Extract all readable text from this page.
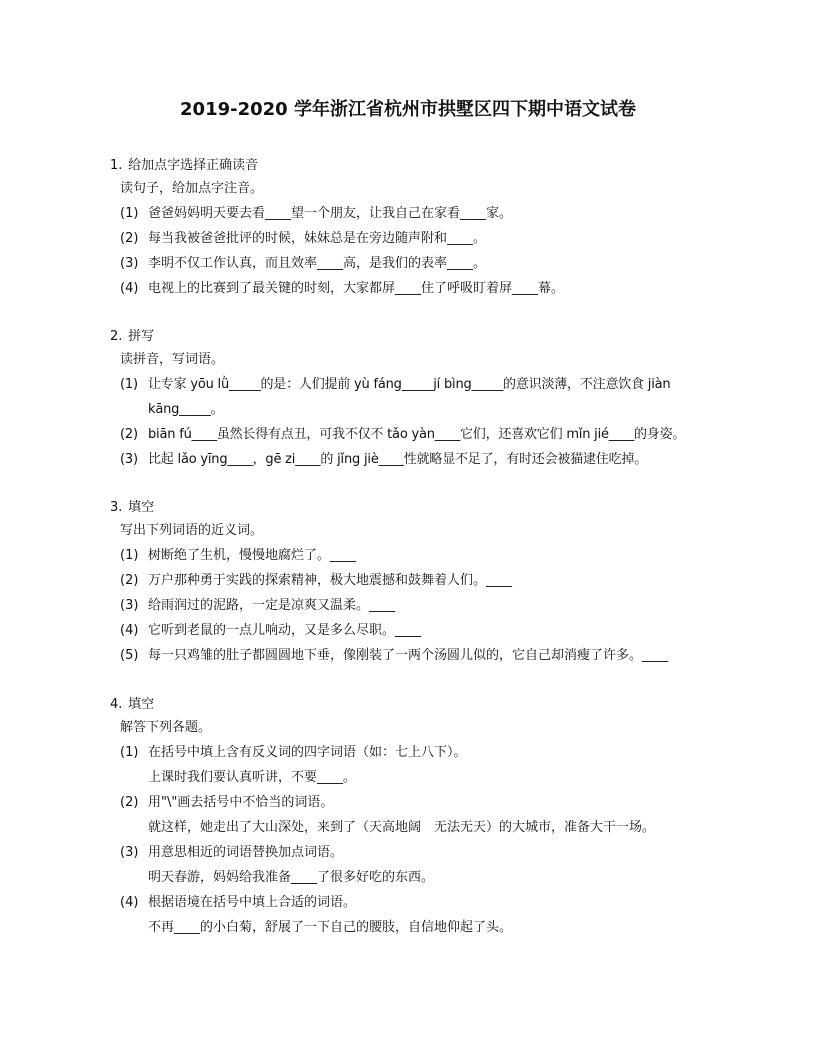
2019-2020 学年浙江省杭州市拱墅区四下期中语文试卷
1. 给加点字选择正确读音
读句子，给加点字注音。
(1) 爸爸妈妈明天要去看____望一个朋友，让我自己在家看____家。
(2) 每当我被爸爸批评的时候，妹妹总是在旁边随声附和____。
(3) 李明不仅工作认真，而且效率____高，是我们的表率____。
(4) 电视上的比赛到了最关键的时刻，大家都屏____住了呼吸盯着屏____幕。
2. 拼写
读拼音，写词语。
(1) 让专家 yōu lǜ_____的是：人们提前 yù fáng_____jí bìng_____的意识淡薄，不注意饮食 jiàn
kāng_____。
(2) biān fú____虽然长得有点丑，可我不仅不 tǎo yàn____它们，还喜欢它们 mǐn jié____的身姿。
(3) 比起 lǎo yīng____，gē zi____的 jǐng jiè____性就略显不足了，有时还会被猫逮住吃掉。
3. 填空
写出下列词语的近义词。
(1) 树断绝了生机，慢慢地腐烂了。____
(2) 万户那种勇于实践的探索精神，极大地震撼和鼓舞着人们。____
(3) 给雨润过的泥路，一定是凉爽又温柔。____
(4) 它听到老鼠的一点儿响动，又是多么尽职。____
(5) 每一只鸡雏的肚子都圆圆地下垂，像刚装了一两个汤圆儿似的，它自己却消瘦了许多。____
4. 填空
解答下列各题。
(1) 在括号中填上含有反义词的四字词语（如：七上八下）。
上课时我们要认真听讲，不要____。
(2) 用"\"画去括号中不恰当的词语。
就这样，她走出了大山深处，来到了（天高地阔　无法无天）的大城市，准备大干一场。
(3) 用意思相近的词语替换加点词语。
明天春游，妈妈给我准备____了很多好吃的东西。
(4) 根据语境在括号中填上合适的词语。
不再____的小白菊，舒展了一下自己的腰肢，自信地仰起了头。
